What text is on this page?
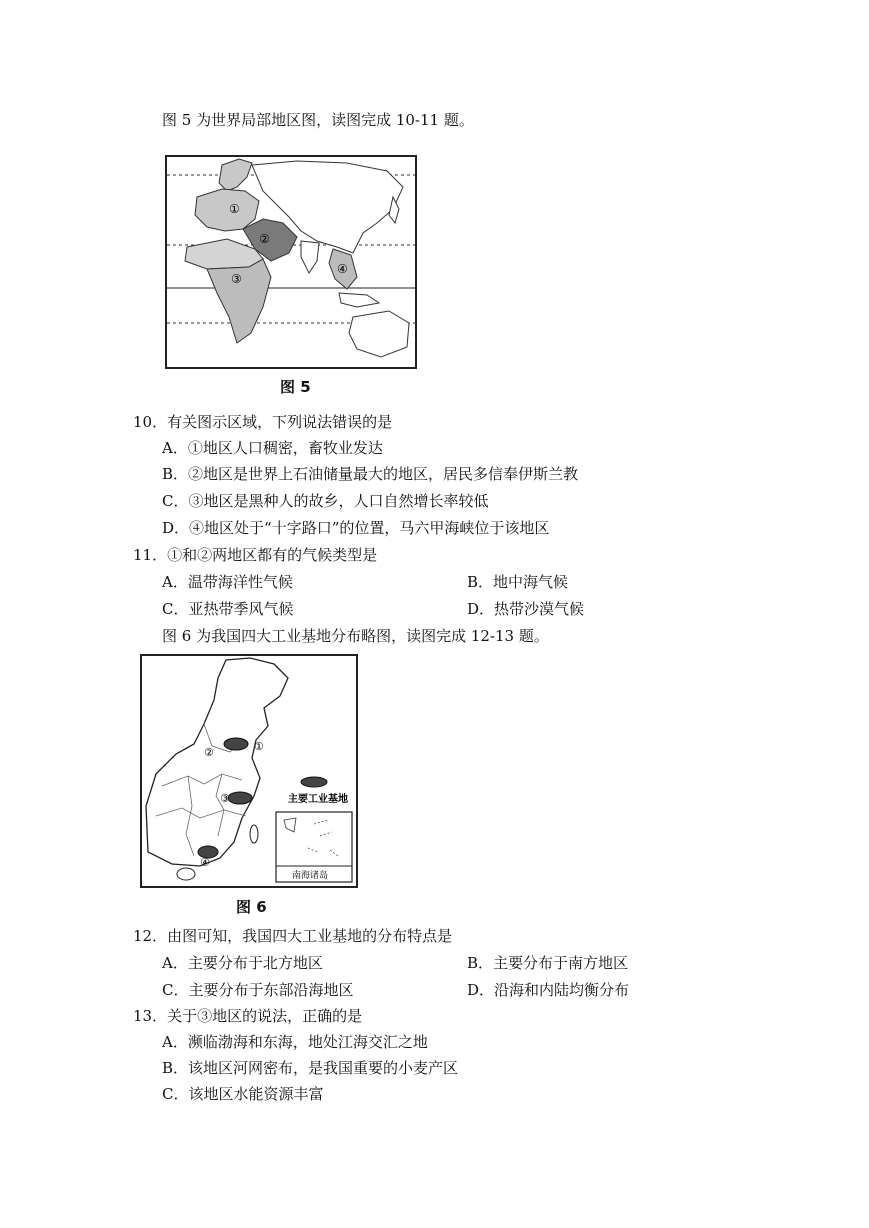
图 5 为世界局部地区图，读图完成 10-11 题。
①
②
③
④
图 5
10．有关图示区域，下列说法错误的是
A．①地区人口稠密，畜牧业发达
B．②地区是世界上石油储量最大的地区，居民多信奉伊斯兰教
C．③地区是黑种人的故乡，人口自然增长率较低
D．④地区处于“十字路口”的位置，马六甲海峡位于该地区
11．①和②两地区都有的气候类型是
A．温带海洋性气候	B．地中海气候
C．亚热带季风气候	D．热带沙漠气候
图 6 为我国四大工业基地分布略图，读图完成 12-13 题。
①
②
③
④
主要工业基地
南海诸岛
图 6
12．由图可知，我国四大工业基地的分布特点是
A．主要分布于北方地区	B．主要分布于南方地区
C．主要分布于东部沿海地区	D．沿海和内陆均衡分布
13．关于③地区的说法，正确的是
A．濒临渤海和东海，地处江海交汇之地
B．该地区河网密布，是我国重要的小麦产区
C．该地区水能资源丰富
